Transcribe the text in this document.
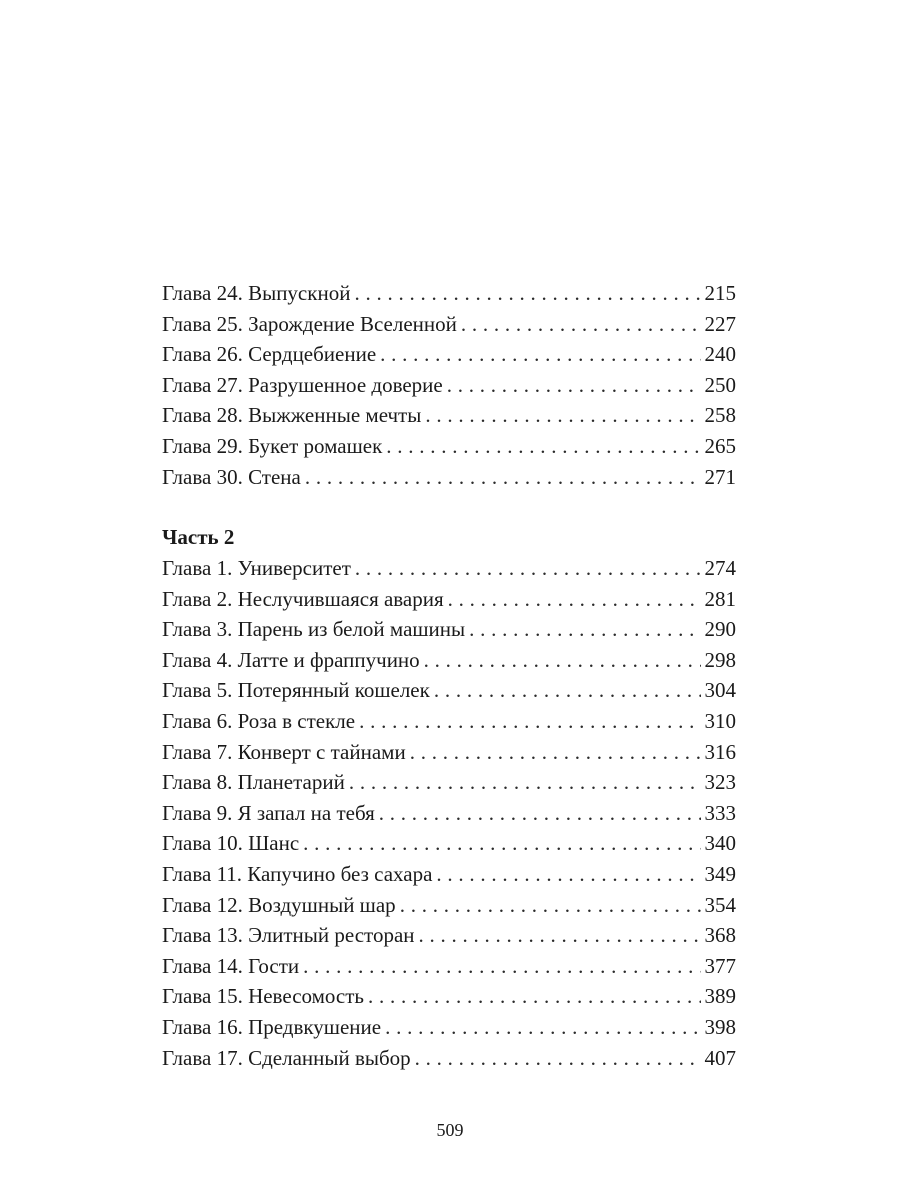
Глава 24. Выпускной . . .	215
Глава 25. Зарождение Вселенной . . .	227
Глава 26. Сердцебиение . . .	240
Глава 27. Разрушенное доверие . . .	250
Глава 28. Выжженные мечты . . .	258
Глава 29. Букет ромашек . . .	265
Глава 30. Стена . . .	271
Часть 2
Глава 1. Университет . . .	274
Глава 2. Неслучившаяся авария . . .	281
Глава 3. Парень из белой машины . . .	290
Глава 4. Латте и фраппучино . . .	298
Глава 5. Потерянный кошелек . . .	304
Глава 6. Роза в стекле . . .	310
Глава 7. Конверт с тайнами . . .	316
Глава 8. Планетарий . . .	323
Глава 9. Я запал на тебя . . .	333
Глава 10. Шанс . . .	340
Глава 11. Капучино без сахара . . .	349
Глава 12. Воздушный шар . . .	354
Глава 13. Элитный ресторан . . .	368
Глава 14. Гости . . .	377
Глава 15. Невесомость . . .	389
Глава 16. Предвкушение . . .	398
Глава 17. Сделанный выбор . . .	407
509
